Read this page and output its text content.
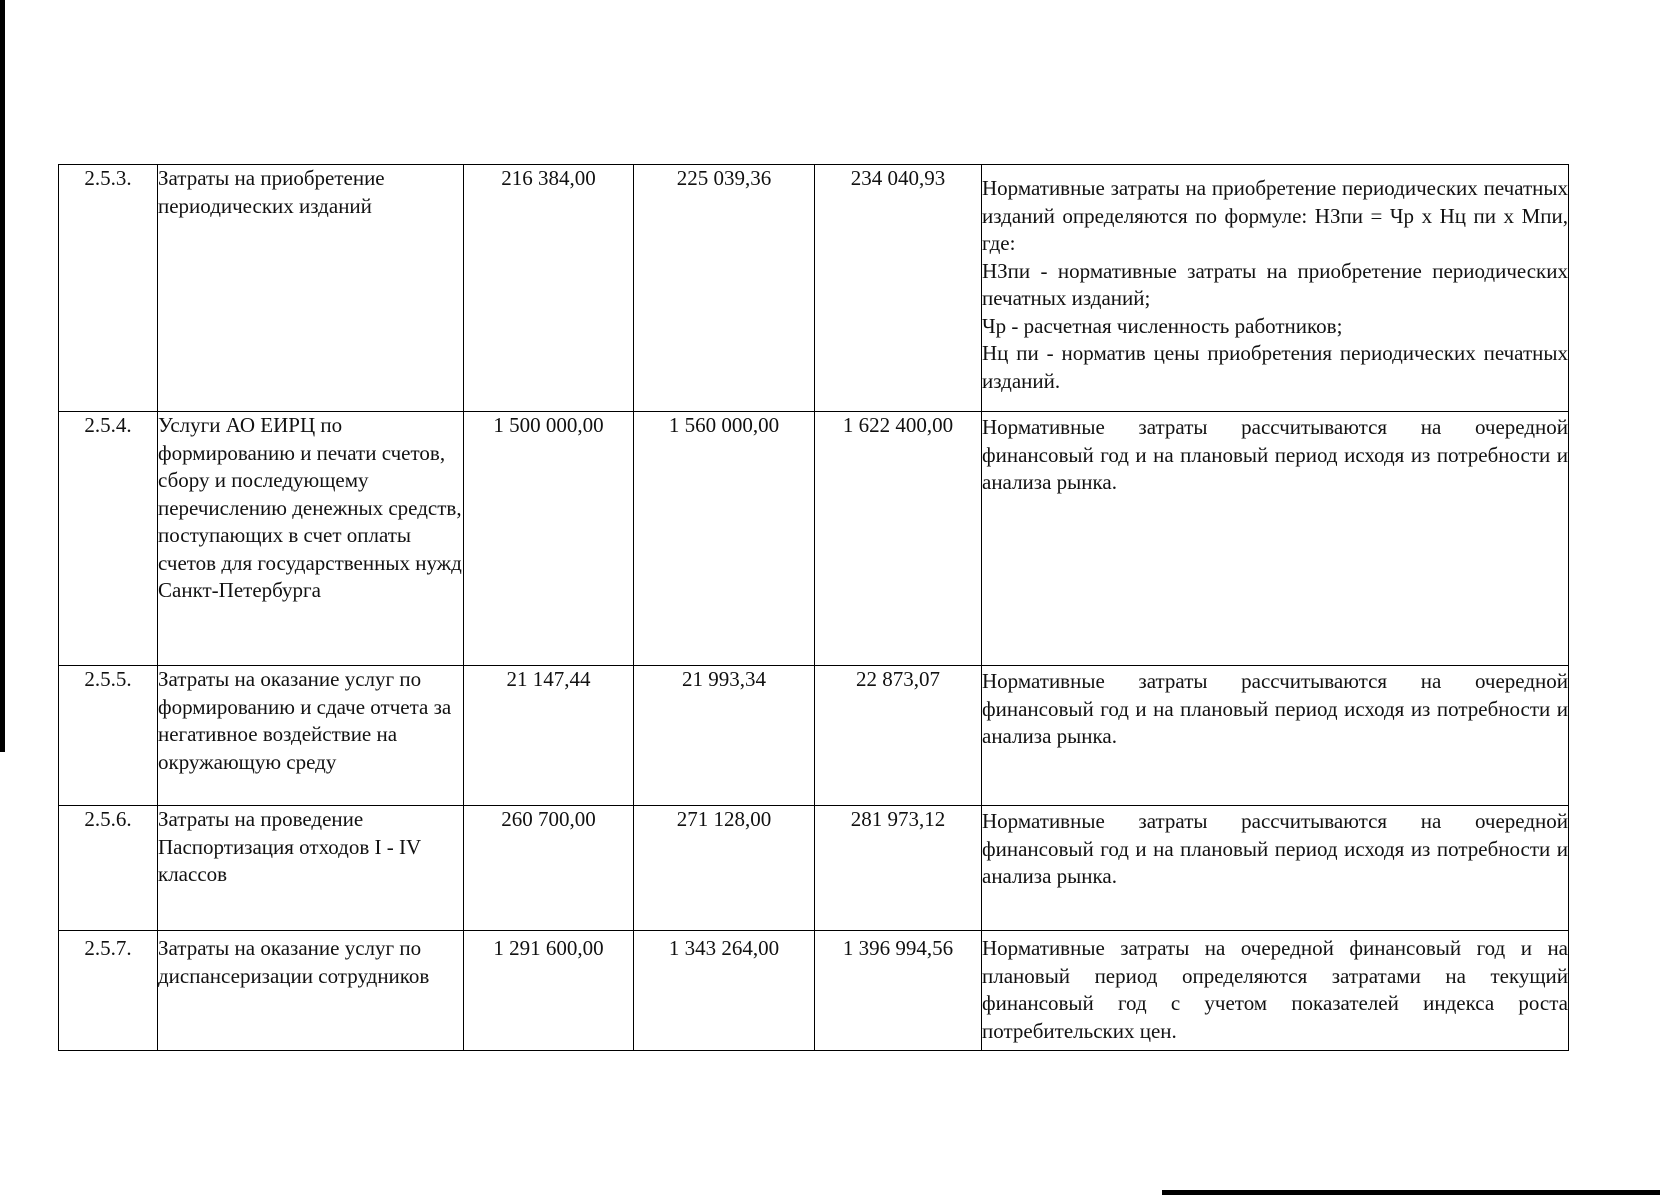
2.5.3.	Затраты на приобретение периодических изданий	216 384,00	225 039,36	234 040,93	Нормативные затраты на приобретение периодических печатных изданий определяются по формуле: НЗпи = Чр х Нц пи х Мпи, где:
НЗпи - нормативные затраты на приобретение периодических печатных изданий;
Чр - расчетная численность работников;
Нц пи - норматив цены приобретения периодических печатных изданий.

2.5.4.	Услуги АО ЕИРЦ по формированию и печати счетов, сбору и последующему перечислению денежных средств, поступающих в счет оплаты счетов для государственных нужд Санкт-Петербурга	1 500 000,00	1 560 000,00	1 622 400,00	Нормативные затраты рассчитываются на очередной финансовый год и на плановый период исходя из потребности и анализа рынка.
2.5.5.	Затраты на оказание услуг по формированию и сдаче отчета за негативное воздействие на окружающую среду	21 147,44	21 993,34	22 873,07	Нормативные затраты рассчитываются на очередной финансовый год и на плановый период исходя из потребности и анализа рынка.
2.5.6.	Затраты на проведение Паспортизация отходов I - IV классов	260 700,00	271 128,00	281 973,12	Нормативные затраты рассчитываются на очередной финансовый год и на плановый период исходя из потребности и анализа рынка.
2.5.7.	Затраты на оказание услуг по диспансеризации сотрудников	1 291 600,00	1 343 264,00	1 396 994,56	Нормативные затраты на очередной финансовый год и на плановый период определяются затратами на текущий финансовый год с учетом показателей индекса роста потребительских цен.
